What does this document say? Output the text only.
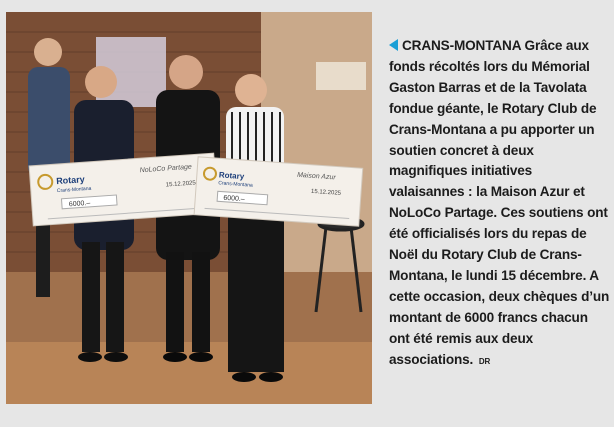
Rotary
Crans-Montana
NoLoCo Partage
15.12.2025
6000.–
Rotary
Crans-Montana
Maison Azur
15.12.2025
6000.–
CRANS-MONTANA Grâce aux fonds récoltés lors du Mémorial Gaston Barras et de la Tavolata fondue géante, le Rotary Club de Crans-Montana a pu apporter un soutien concret à deux magnifiques initiatives valaisannes : la Maison Azur et NoLoCo Partage. Ces soutiens ont été officialisés lors du repas de Noël du Rotary Club de Crans-Montana, le lundi 15 décembre. A cette occasion, deux chèques d’un montant de 6000 francs chacun ont été remis aux deux associations. DR
